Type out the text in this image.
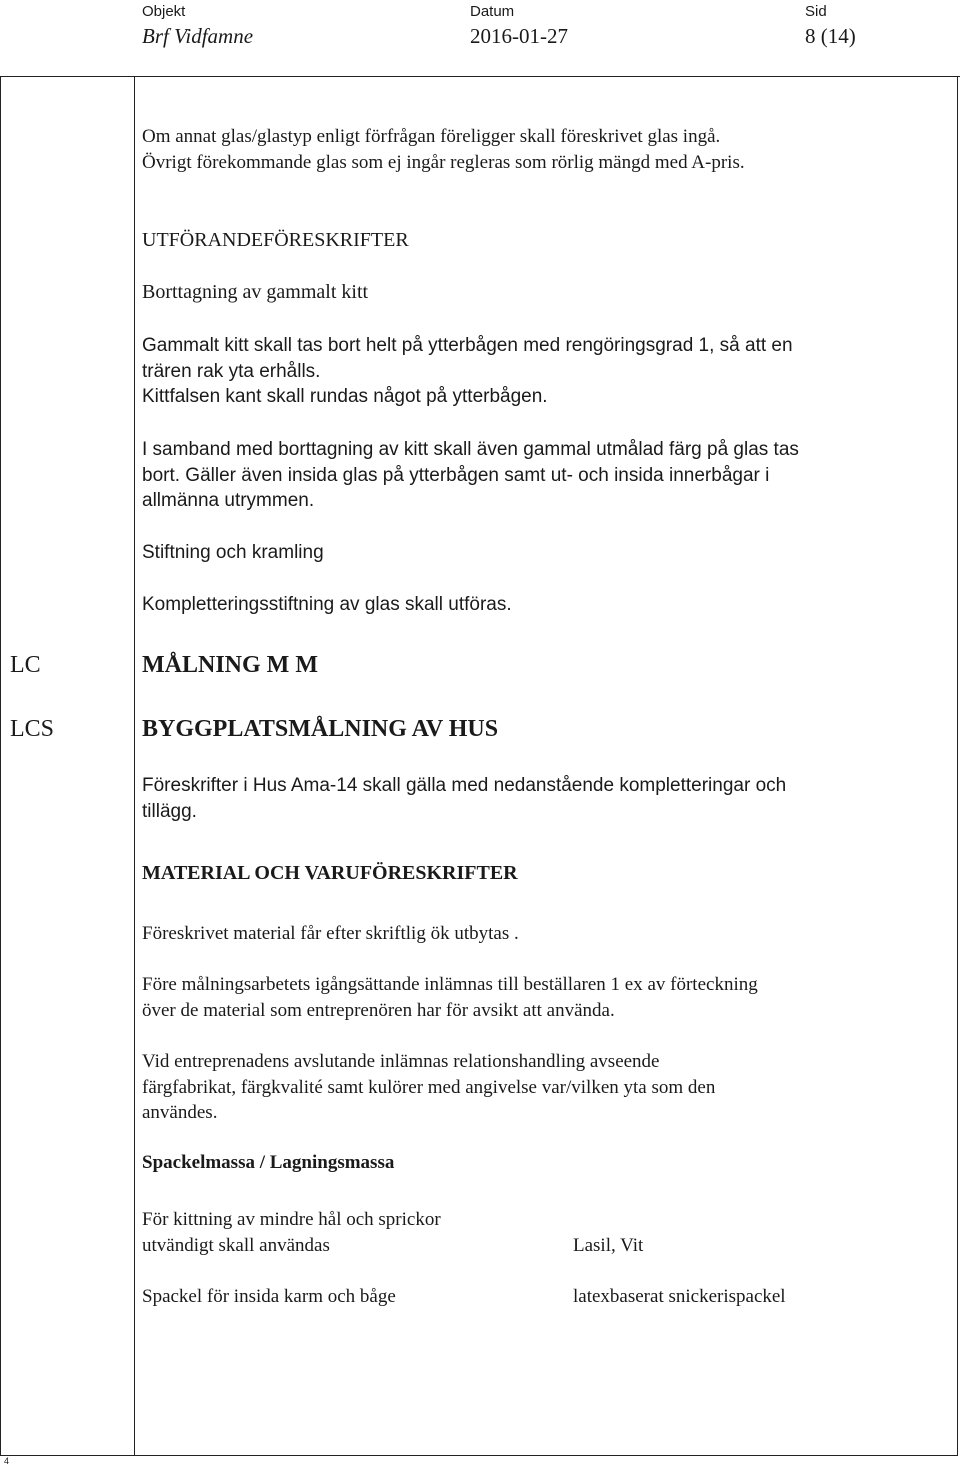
Objekt
Brf Vidfamne
Datum
2016-01-27
Sid
8 (14)
LC
LCS
Om annat glas/glastyp enligt förfrågan föreligger skall föreskrivet glas ingå.
Övrigt förekommande glas som ej ingår regleras som rörlig mängd med A-pris.
UTFÖRANDEFÖRESKRIFTER
Borttagning av gammalt kitt
Gammalt kitt skall tas bort helt på ytterbågen med rengöringsgrad 1, så att en
trären rak yta erhålls.
Kittfalsen kant skall rundas något på ytterbågen.
I samband med borttagning av kitt skall även gammal utmålad färg på glas tas
bort. Gäller även insida glas på ytterbågen samt ut- och insida innerbågar i
allmänna utrymmen.
Stiftning och kramling
Kompletteringsstiftning av glas skall utföras.
MÅLNING M M
BYGGPLATSMÅLNING AV HUS
Föreskrifter i Hus Ama-14 skall gälla med nedanstående kompletteringar och
tillägg.
MATERIAL OCH VARUFÖRESKRIFTER
Föreskrivet material får efter skriftlig ök utbytas .
Före målningsarbetets igångsättande inlämnas till beställaren 1 ex av förteckning
över de material som entreprenören har för avsikt att använda.
Vid entreprenadens avslutande inlämnas relationshandling avseende
färgfabrikat, färgkvalité samt kulörer med angivelse var/vilken yta som den
användes.
Spackelmassa / Lagningsmassa
För kittning av mindre hål och sprickor
utvändigt skall användas	Lasil, Vit
Spackel för insida karm och båge	latexbaserat snickerispackel
4
